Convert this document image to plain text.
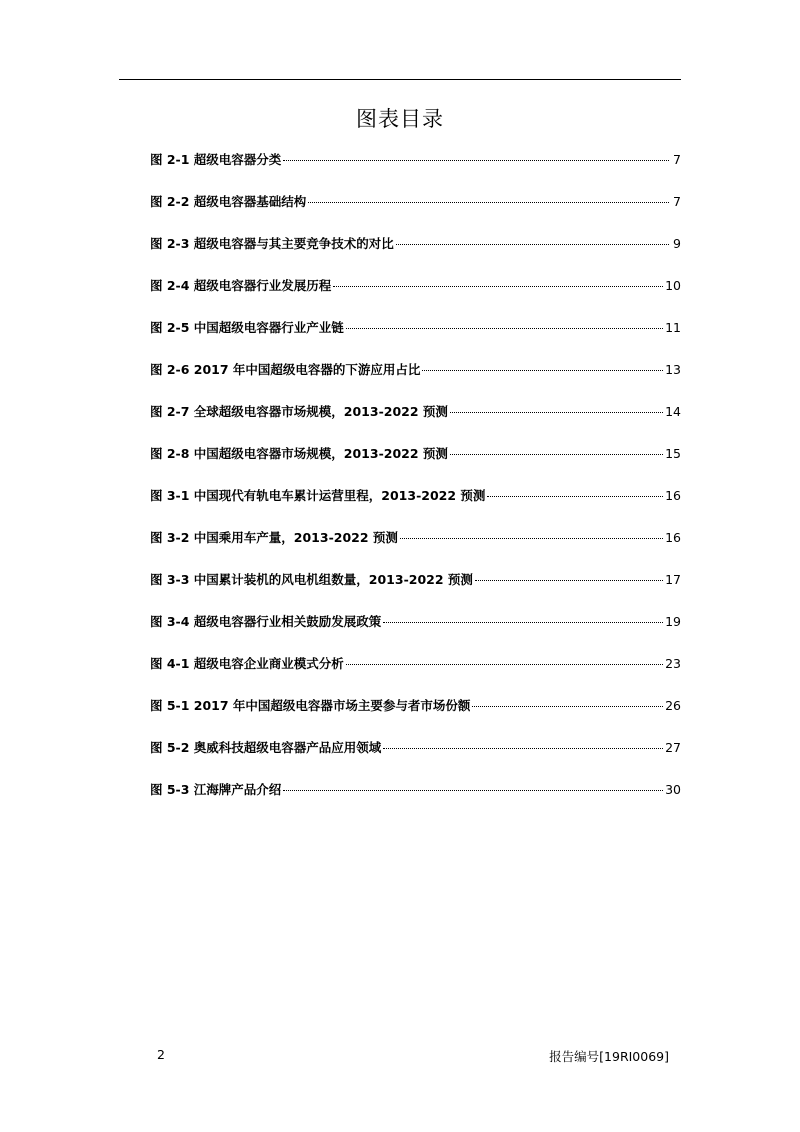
图表目录
图 2-1 超级电容器分类	7
图 2-2 超级电容器基础结构	7
图 2-3 超级电容器与其主要竞争技术的对比	9
图 2-4 超级电容器行业发展历程	10
图 2-5 中国超级电容器行业产业链	11
图 2-6 2017 年中国超级电容器的下游应用占比	13
图 2-7 全球超级电容器市场规模，2013-2022 预测	14
图 2-8 中国超级电容器市场规模，2013-2022 预测	15
图 3-1 中国现代有轨电车累计运营里程，2013-2022 预测	16
图 3-2 中国乘用车产量，2013-2022 预测	16
图 3-3 中国累计装机的风电机组数量，2013-2022 预测	17
图 3-4 超级电容器行业相关鼓励发展政策	19
图 4-1 超级电容企业商业模式分析	23
图 5-1 2017 年中国超级电容器市场主要参与者市场份额	26
图 5-2 奥威科技超级电容器产品应用领域	27
图 5-3 江海牌产品介绍	30
2	报告编号[19RI0069]
